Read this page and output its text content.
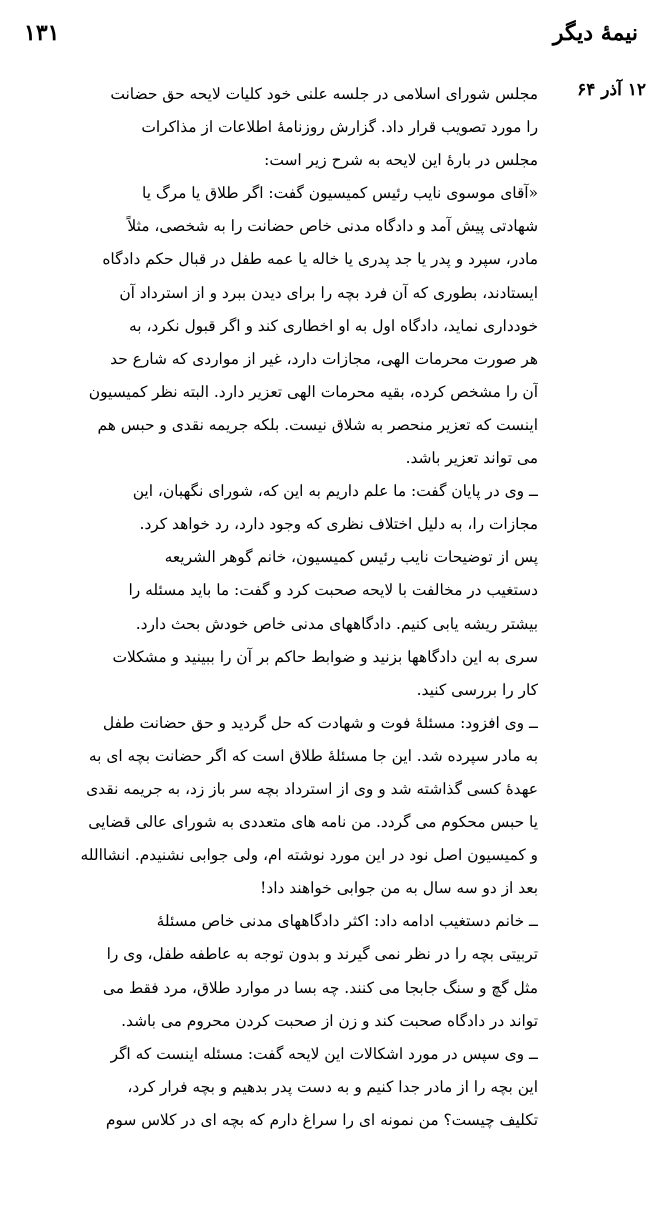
نیمهٔ دیگر
۱۳۱
۱۲ آذر ۶۴
مجلس شورای اسلامی در جلسه علنی خود کلیات لایحه حق حضانت
را مورد تصویب قرار داد. گزارش روزنامهٔ اطلاعات از مذاکرات
مجلس در بارهٔ این لایحه به شرح زیر است:
«آقای موسوی نایب رئیس کمیسیون گفت: اگر طلاق یا مرگ یا
شهادتی پیش آمد و دادگاه مدنی خاص حضانت را به شخصی، مثلاً
مادر، سپرد و پدر یا جد پدری یا خاله یا عمه طفل در قبال حکم دادگاه
ایستادند، بطوری که آن فرد بچه را برای دیدن ببرد و از استرداد آن
خودداری نماید، دادگاه اول به او اخطاری کند و اگر قبول نکرد، به
هر صورت محرمات الهی، مجازات دارد، غیر از مواردی که شارع حد
آن را مشخص کرده، بقیه محرمات الهی تعزیر دارد. البته نظر کمیسیون
اینست که تعزیر منحصر به شلاق نیست. بلکه جریمه نقدی و حبس هم
می تواند تعزیر باشد.
ــ وی در پایان گفت: ما علم داریم به این که، شورای نگهبان، این
مجازات را، به دلیل اختلاف نظری که وجود دارد، رد خواهد کرد.
پس از توضیحات نایب رئیس کمیسیون، خانم گوهر الشریعه
دستغیب در مخالفت با لایحه صحبت کرد و گفت: ما باید مسئله را
بیشتر ریشه یابی کنیم. دادگاههای مدنی خاص خودش بحث دارد.
سری به این دادگاهها بزنید و ضوابط حاکم بر آن را ببینید و مشکلات
کار را بررسی کنید.
ــ وی افزود: مسئلهٔ فوت و شهادت که حل گردید و حق حضانت طفل
به مادر سپرده شد. این جا مسئلهٔ طلاق است که اگر حضانت بچه ای به
عهدهٔ کسی گذاشته شد و وی از استرداد بچه سر باز زد، به جریمه نقدی
یا حبس محکوم می گردد. من نامه های متعددی به شورای عالی قضایی
و کمیسیون اصل نود در این مورد نوشته ام، ولی جوابی نشنیدم. انشاالله
بعد از دو سه سال به من جوابی خواهند داد!
ــ خانم دستغیب ادامه داد: اکثر دادگاههای مدنی خاص مسئلهٔ
تربیتی بچه را در نظر نمی گیرند و بدون توجه به عاطفه طفل، وی را
مثل گچ و سنگ جابجا می کنند. چه بسا در موارد طلاق، مرد فقط می
تواند در دادگاه صحبت کند و زن از صحبت کردن محروم می باشد.
ــ وی سپس در مورد اشکالات این لایحه گفت: مسئله اینست که اگر
این بچه را از مادر جدا کنیم و به دست پدر بدهیم و بچه فرار کرد،
تکلیف چیست؟ من نمونه ای را سراغ دارم که بچه ای در کلاس سوم
